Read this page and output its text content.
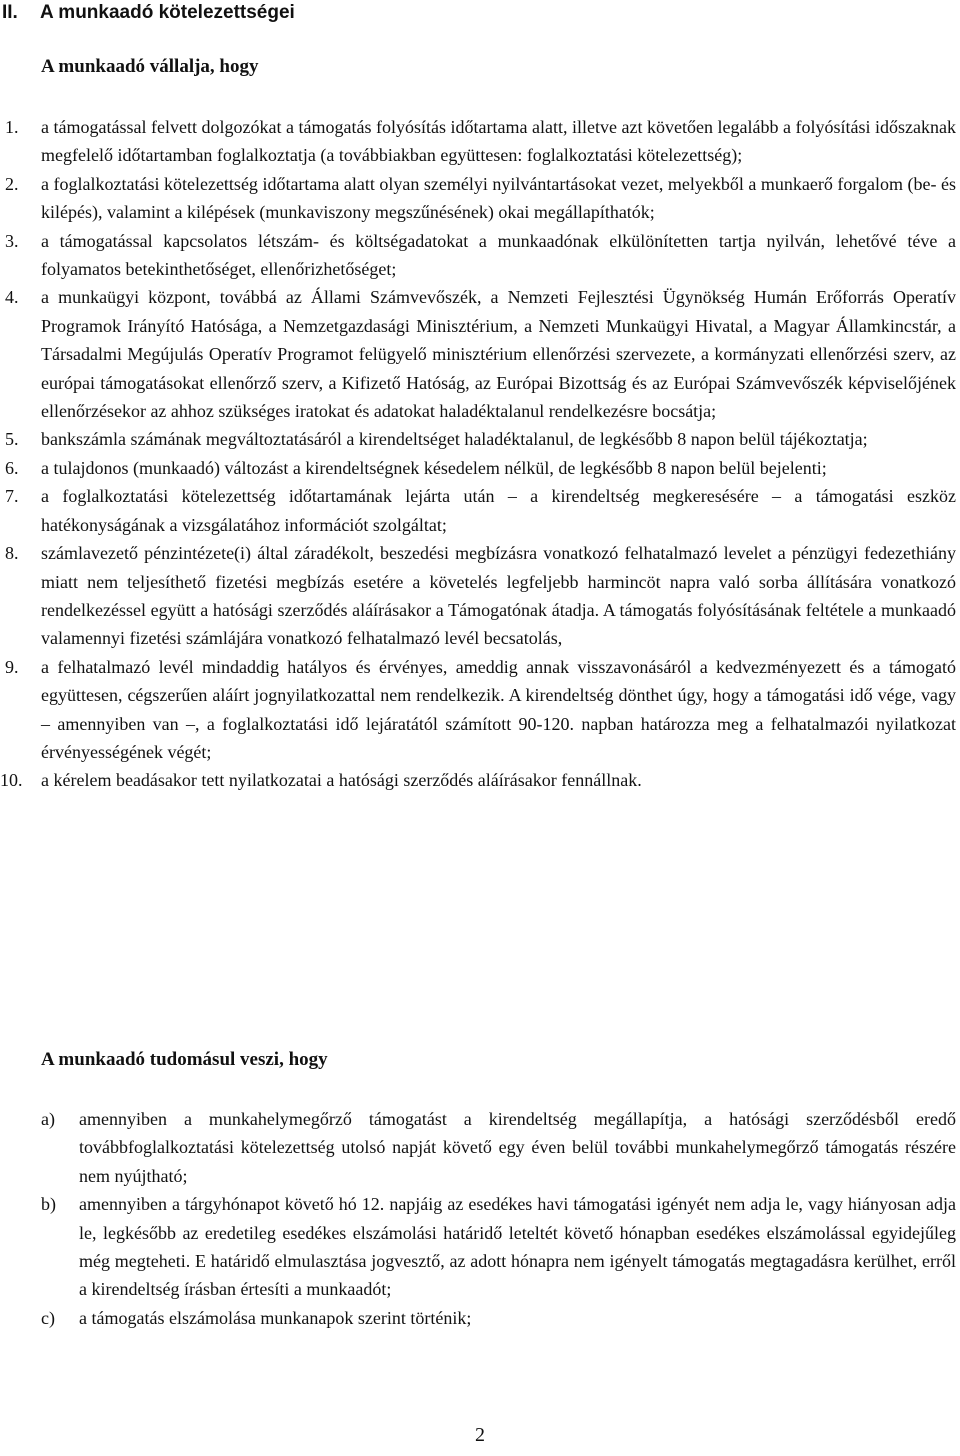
II. A munkaadó kötelezettségei
A munkaadó vállalja, hogy
1. a támogatással felvett dolgozókat a támogatás folyósítás időtartama alatt, illetve azt követően legalább a folyósítási időszaknak megfelelő időtartamban foglalkoztatja (a továbbiakban együttesen: foglalkoztatási kötelezettség);
2. a foglalkoztatási kötelezettség időtartama alatt olyan személyi nyilvántartásokat vezet, melyekből a munkaerő forgalom (be- és kilépés), valamint a kilépések (munkaviszony megszűnésének) okai megállapíthatók;
3. a támogatással kapcsolatos létszám- és költségadatokat a munkaadónak elkülönítetten tartja nyilván, lehetővé téve a folyamatos betekinthetőséget, ellenőrizhetőséget;
4. a munkaügyi központ, továbbá az Állami Számvevőszék, a Nemzeti Fejlesztési Ügynökség Humán Erőforrás Operatív Programok Irányító Hatósága, a Nemzetgazdasági Minisztérium, a Nemzeti Munkaügyi Hivatal, a Magyar Államkincstár, a Társadalmi Megújulás Operatív Programot felügyelő minisztérium ellenőrzési szervezete, a kormányzati ellenőrzési szerv, az európai támogatásokat ellenőrző szerv, a Kifizető Hatóság, az Európai Bizottság és az Európai Számvevőszék képviselőjének ellenőrzésekor az ahhoz szükséges iratokat és adatokat haladéktalanul rendelkezésre bocsátja;
5. bankszámla számának megváltoztatásáról a kirendeltséget haladéktalanul, de legkésőbb 8 napon belül tájékoztatja;
6. a tulajdonos (munkaadó) változást a kirendeltségnek késedelem nélkül, de legkésőbb 8 napon belül bejelenti;
7. a foglalkoztatási kötelezettség időtartamának lejárta után – a kirendeltség megkeresésére – a támogatási eszköz hatékonyságának a vizsgálatához információt szolgáltat;
8. számlavezető pénzintézete(i) által záradékolt, beszedési megbízásra vonatkozó felhatalmazó levelet a pénzügyi fedezethiány miatt nem teljesíthető fizetési megbízás esetére a követelés legfeljebb harmincöt napra való sorba állítására vonatkozó rendelkezéssel együtt a hatósági szerződés aláírásakor a Támogatónak átadja. A támogatás folyósításának feltétele a munkaadó valamennyi fizetési számlájára vonatkozó felhatalmazó levél becsatolás,
9. a felhatalmazó levél mindaddig hatályos és érvényes, ameddig annak visszavonásáról a kedvezményezett és a támogató együttesen, cégszerűen aláírt jognyilatkozattal nem rendelkezik. A kirendeltség dönthet úgy, hogy a támogatási idő vége, vagy – amennyiben van –, a foglalkoztatási idő lejáratától számított 90-120. napban határozza meg a felhatalmazói nyilatkozat érvényességének végét;
10. a kérelem beadásakor tett nyilatkozatai a hatósági szerződés aláírásakor fennállnak.
A munkaadó tudomásul veszi, hogy
a) amennyiben a munkahelymegőrző támogatást a kirendeltség megállapítja, a hatósági szerződésből eredő továbbfoglalkoztatási kötelezettség utolsó napját követő egy éven belül további munkahelymegőrző támogatás részére nem nyújtható;
b) amennyiben a tárgyhónapot követő hó 12. napjáig az esedékes havi támogatási igényét nem adja le, vagy hiányosan adja le, legkésőbb az eredetileg esedékes elszámolási határidő leteltét követő hónapban esedékes elszámolással egyidejűleg még megteheti. E határidő elmulasztása jogvesztő, az adott hónapra nem igényelt támogatás megtagadásra kerülhet, erről a kirendeltség írásban értesíti a munkaadót;
c) a támogatás elszámolása munkanapok szerint történik;
2
